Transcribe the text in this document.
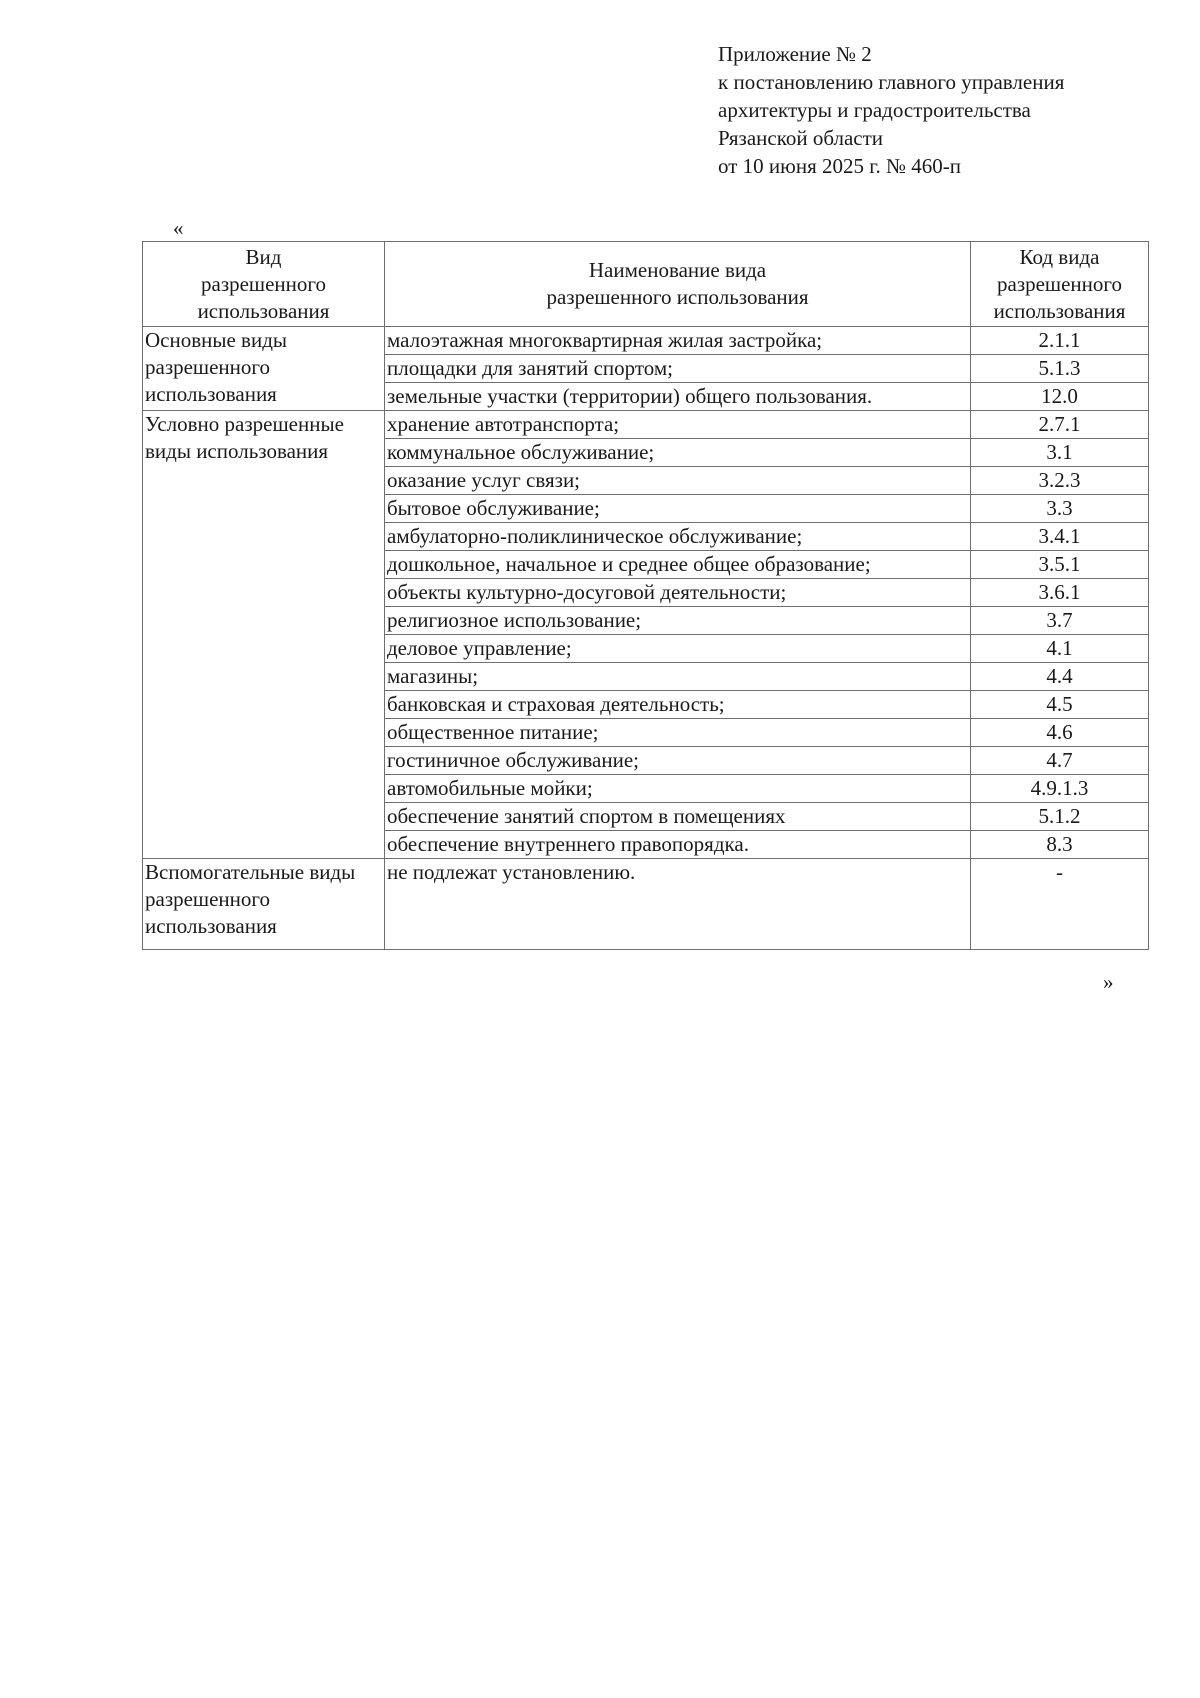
Приложение № 2
к постановлению главного управления
архитектуры и градостроительства
Рязанской области
от 10 июня 2025 г. № 460-п
«
Вид разрешенного использования	Наименование вида разрешенного использования	Код вида разрешенного использования
Основные виды разрешенного использования	малоэтажная многоквартирная жилая застройка;	2.1.1
	площадки для занятий спортом;	5.1.3
	земельные участки (территории) общего пользования.	12.0
Условно разрешенные виды использования	хранение автотранспорта;	2.7.1
	коммунальное обслуживание;	3.1
	оказание услуг связи;	3.2.3
	бытовое обслуживание;	3.3
	амбулаторно-поликлиническое обслуживание;	3.4.1
	дошкольное, начальное и среднее общее образование;	3.5.1
	объекты культурно-досуговой деятельности;	3.6.1
	религиозное использование;	3.7
	деловое управление;	4.1
	магазины;	4.4
	банковская и страховая деятельность;	4.5
	общественное питание;	4.6
	гостиничное обслуживание;	4.7
	автомобильные мойки;	4.9.1.3
	обеспечение занятий спортом в помещениях	5.1.2
	обеспечение внутреннего правопорядка.	8.3
Вспомогательные виды разрешенного использования	не подлежат установлению.	-
»
